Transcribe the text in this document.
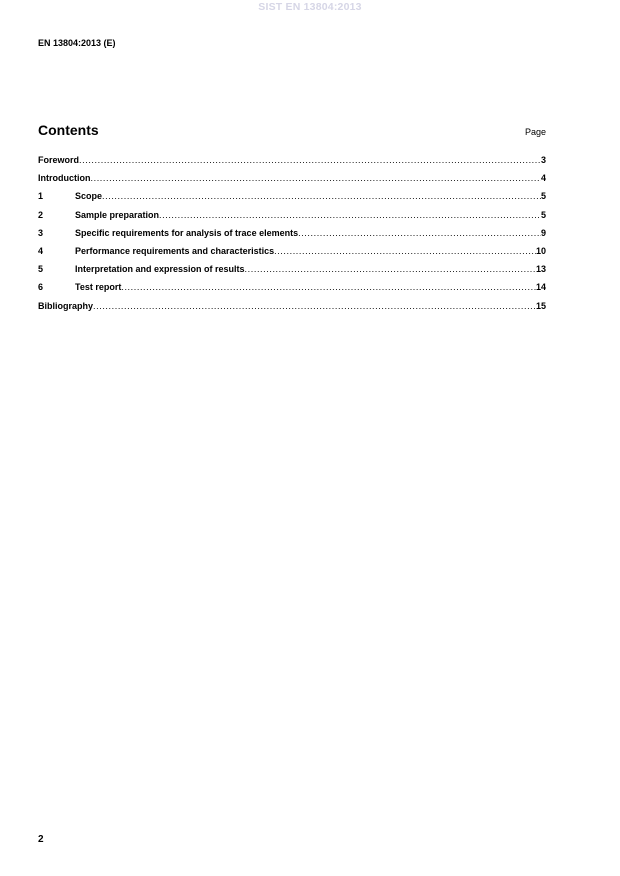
SIST EN 13804:2013
EN 13804:2013 (E)
Contents	Page
Foreword .....	3
Introduction .....	4
1	Scope .....	5
2	Sample preparation .....	5
3	Specific requirements for analysis of trace elements .....	9
4	Performance requirements and characteristics .....	10
5	Interpretation and expression of results .....	13
6	Test report .....	14
Bibliography .....	15
2
